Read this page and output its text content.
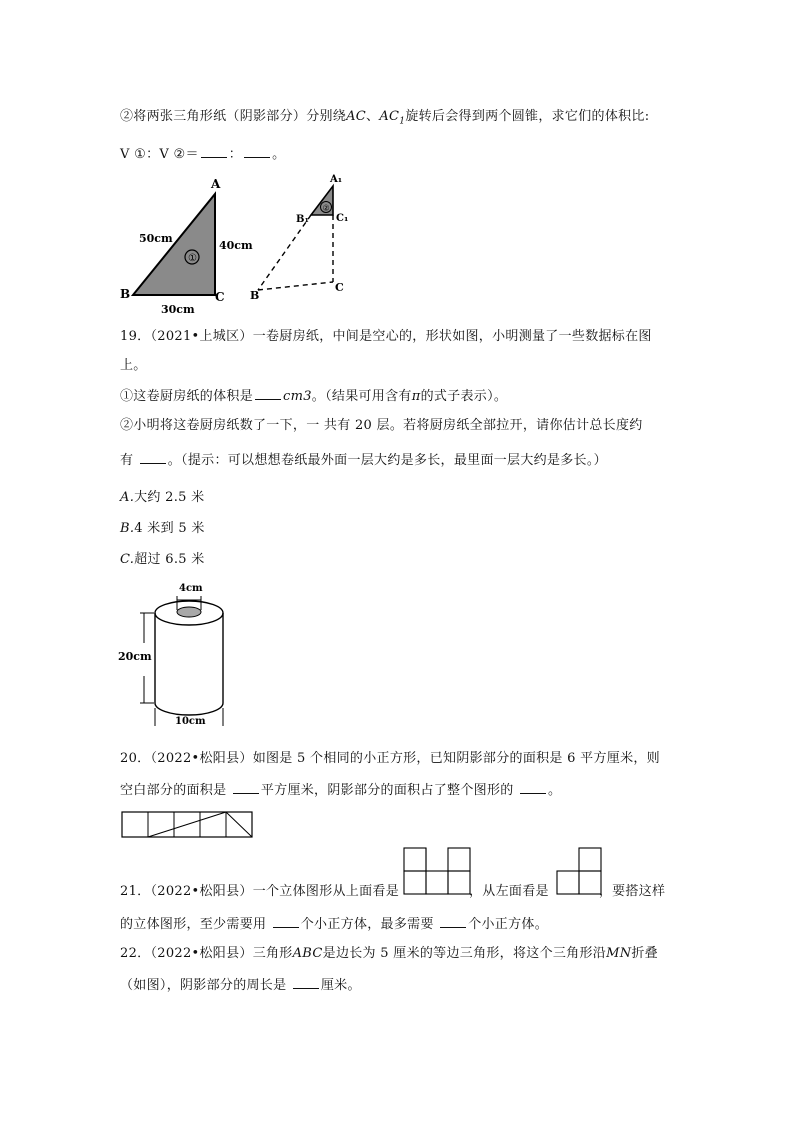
②将两张三角形纸（阴影部分）分别绕AC、$AC_1$旋转后会得到两个圆锥，求它们的体积比:
V ①：V ②＝ ： 。
①
A
B	C
50cm
40cm
30cm
②
A₁
B₁	C₁
B
C
19．（2021•上城区）一卷厨房纸，中间是空心的，形状如图，小明测量了一些数据标在图
上。
①这卷厨房纸的体积是 cm3。（结果可用含有π的式子表示）。
②小明将这卷厨房纸数了一下，一 共有 20 层。若将厨房纸全部拉开，请你估计总长度约
有	。（提示：可以想想卷纸最外面一层大约是多长，最里面一层大约是多长。）
A.大约 2.5 米
B.4 米到 5 米
C.超过 6.5 米
4cm
20cm
10cm
20．（2022•松阳县）如图是 5 个相同的小正方形，已知阴影部分的面积是 6 平方厘米，则
空白部分的面积是	平方厘米，阴影部分的面积占了整个图形的	。
21．（2022•松阳县）一个立体图形从上面看是	，从左面看是	，要搭这样
的立体图形，至少需要用	个小正方体，最多需要	个小正方体。
22．（2022•松阳县）三角形ABC是边长为 5 厘米的等边三角形，将这个三角形沿MN折叠
（如图），阴影部分的周长是	厘米。
